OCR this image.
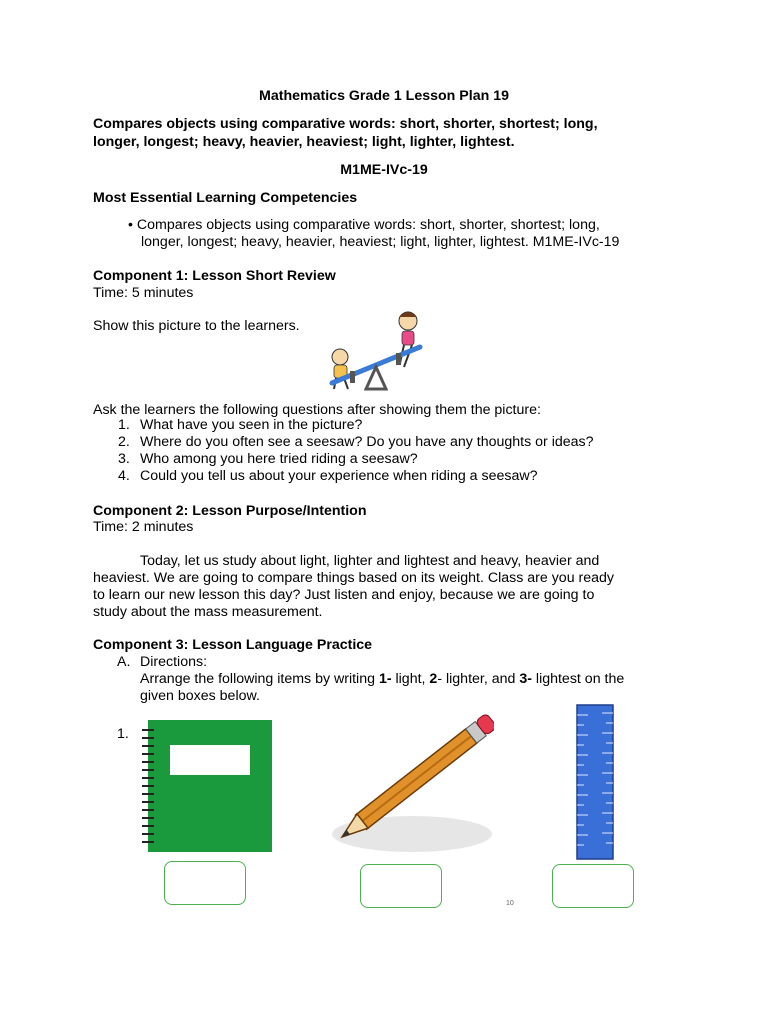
Mathematics Grade 1 Lesson Plan 19
Compares objects using comparative words: short, shorter, shortest; long,
longer, longest; heavy, heavier, heaviest; light, lighter, lightest.
M1ME-IVc-19
Most Essential Learning Competencies
• Compares objects using comparative words: short, shorter, shortest; long,
longer, longest; heavy, heavier, heaviest; light, lighter, lightest. M1ME-IVc-19
Component 1: Lesson Short Review
Time: 5 minutes
Show this picture to the learners.
Ask the learners the following questions after showing them the picture:
1. What have you seen in the picture?
2. Where do you often see a seesaw? Do you have any thoughts or ideas?
3. Who among you here tried riding a seesaw?
4. Could you tell us about your experience when riding a seesaw?
Component 2: Lesson Purpose/Intention
Time: 2 minutes
Today, let us study about light, lighter and lightest and heavy, heavier and
heaviest. We are going to compare things based on its weight. Class are you ready
to learn our new lesson this day? Just listen and enjoy, because we are going to
study about the mass measurement.
Component 3: Lesson Language Practice
A. Directions:
Arrange the following items by writing 1- light, 2- lighter, and 3- lightest on the
given boxes below.
1.
10
